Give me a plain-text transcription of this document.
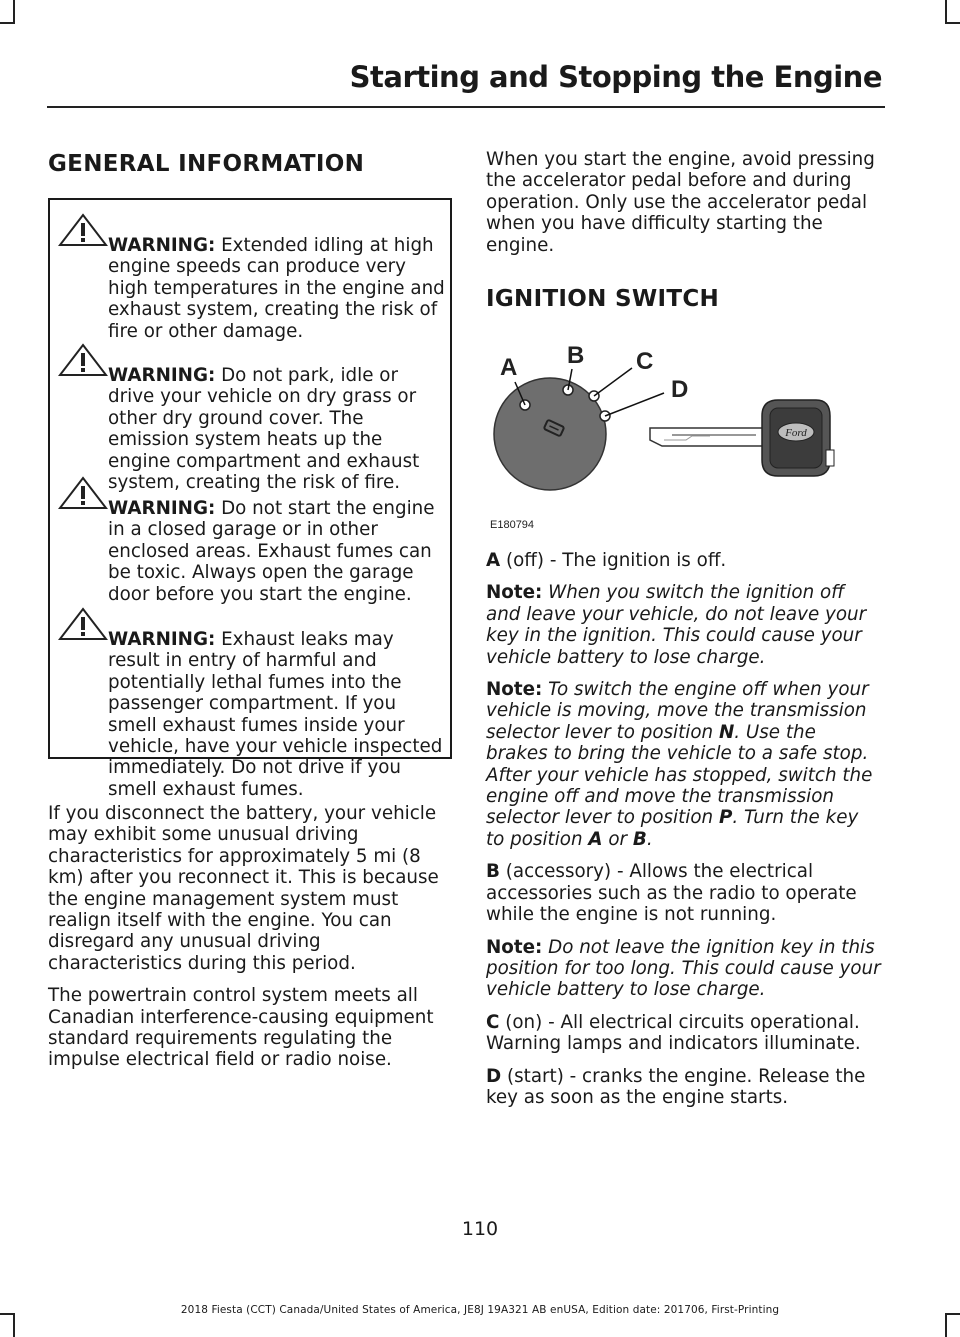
Starting and Stopping the Engine
GENERAL INFORMATION

WARNING: Extended idling at high engine speeds can produce very high temperatures in the engine and exhaust system, creating the risk of fire or other damage.

WARNING: Do not park, idle or drive your vehicle on dry grass or other dry ground cover. The emission system heats up the engine compartment and exhaust system, creating the risk of fire.

WARNING: Do not start the engine in a closed garage or in other enclosed areas. Exhaust fumes can be toxic. Always open the garage door before you start the engine.

WARNING: Exhaust leaks may result in entry of harmful and potentially lethal fumes into the passenger compartment. If you smell exhaust fumes inside your vehicle, have your vehicle inspected immediately. Do not drive if you smell exhaust fumes.

If you disconnect the battery, your vehicle may exhibit some unusual driving characteristics for approximately 5 mi (8 km) after you reconnect it. This is because the engine management system must realign itself with the engine. You can disregard any unusual driving characteristics during this period.

The powertrain control system meets all Canadian interference-causing equipment standard requirements regulating the impulse electrical field or radio noise.

When you start the engine, avoid pressing the accelerator pedal before and during operation. Only use the accelerator pedal when you have difficulty starting the engine.
IGNITION SWITCH
A B C
D
Ford
E180794

A (off) - The ignition is off.

Note: When you switch the ignition off and leave your vehicle, do not leave your key in the ignition. This could cause your vehicle battery to lose charge.

Note: To switch the engine off when your vehicle is moving, move the transmission selector lever to position N. Use the brakes to bring the vehicle to a safe stop. After your vehicle has stopped, switch the engine off and move the transmission selector lever to position P. Turn the key to position A or B.

B (accessory) - Allows the electrical accessories such as the radio to operate while the engine is not running.

Note: Do not leave the ignition key in this position for too long. This could cause your vehicle battery to lose charge.

C (on) - All electrical circuits operational. Warning lamps and indicators illuminate.

D (start) - cranks the engine. Release the key as soon as the engine starts.

110
2018 Fiesta (CCT) Canada/United States of America, JE8J 19A321 AB enUSA, Edition date: 201706, First-Printing
